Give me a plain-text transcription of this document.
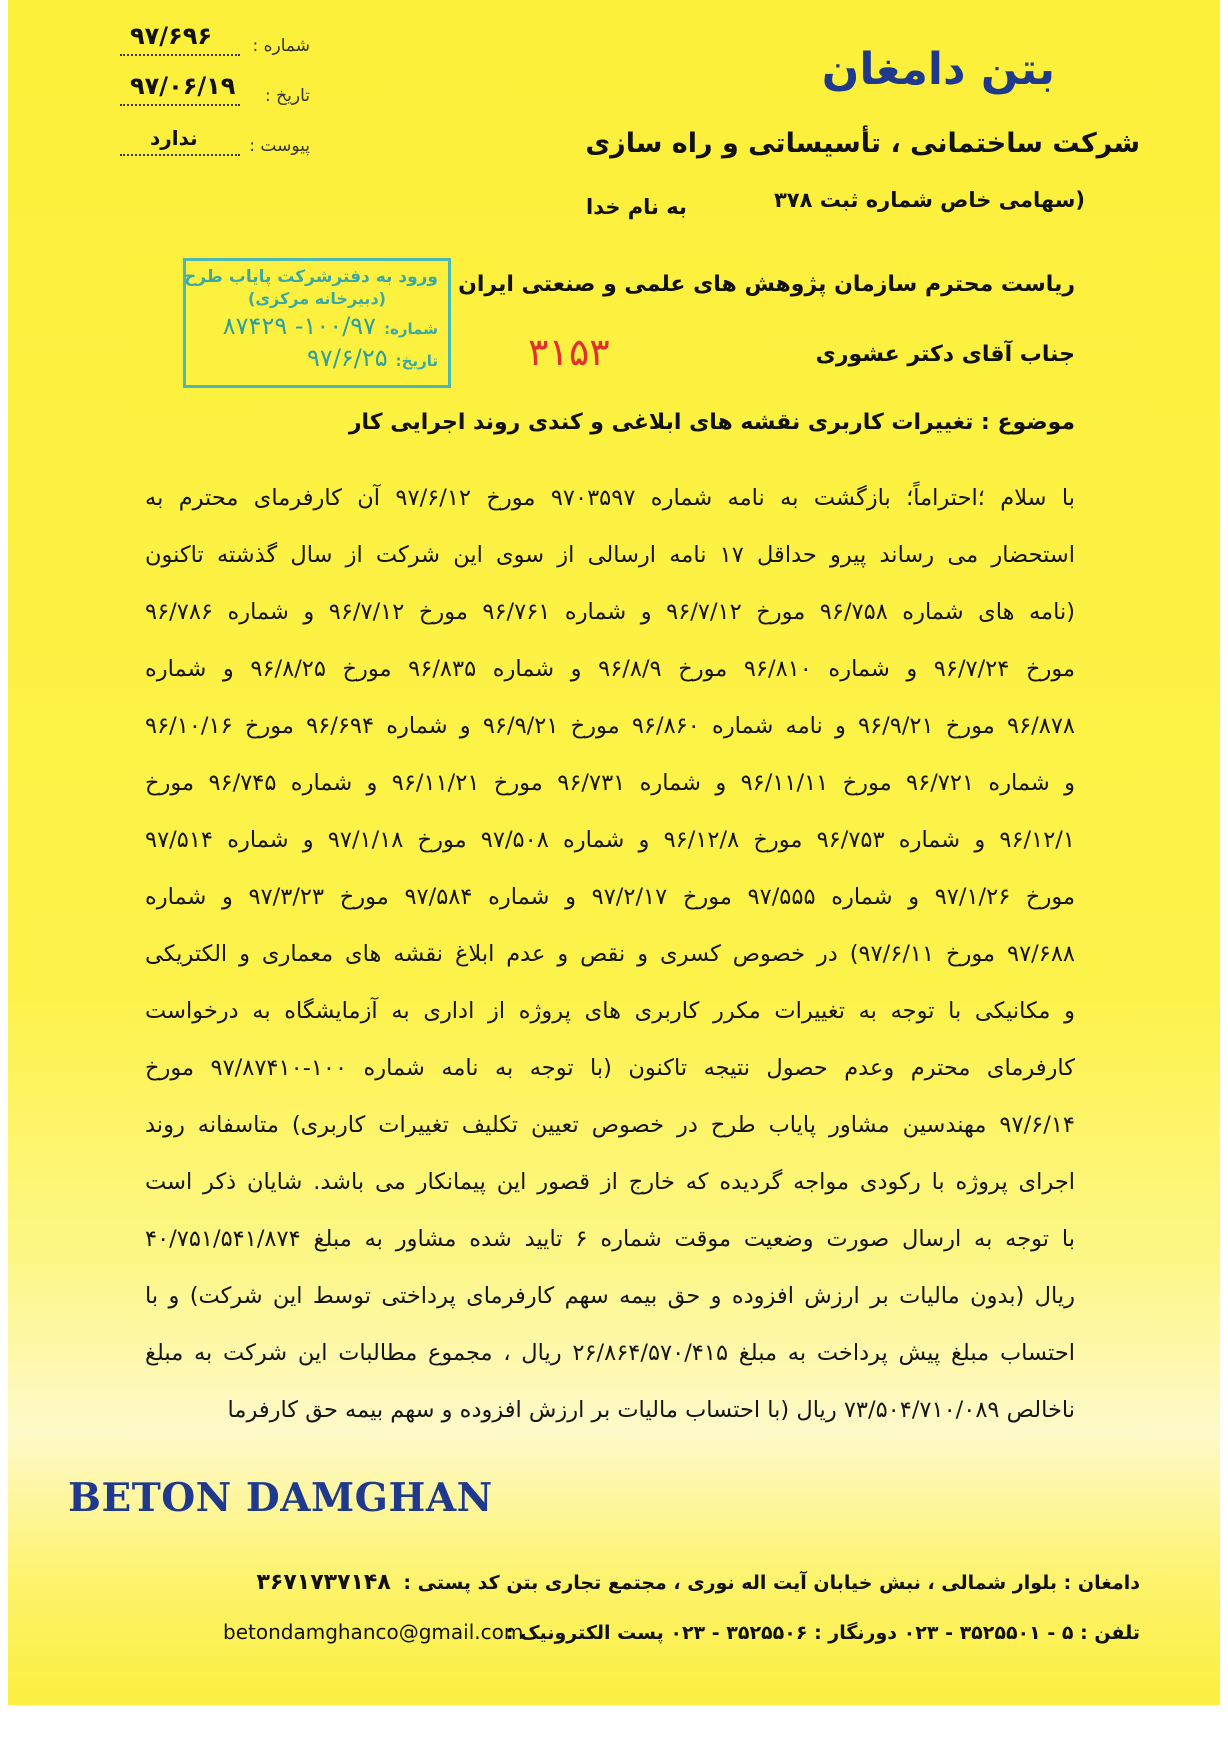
بتن دامغان
شرکت ساختمانی ، تأسیساتی و راه سازی
(سهامی خاص شماره ثبت ۳۷۸
به نام خدا
شماره :
۹۷/۶۹۶
تاریخ :
۹۷/۰۶/۱۹
پیوست :
ندارد
ورود به دفترشرکت پایاب طرح
(دبیرخانه مرکزی)
شماره:
۱۰۰/۹۷- ۸۷۴۲۹
تاریخ:
۹۷/۶/۲۵	۳۱۵۳
ریاست محترم سازمان پژوهش های علمی و صنعتی ایران
جناب آقای دکتر عشوری
موضوع : تغییرات کاربری نقشه های ابلاغی و کندی روند اجرایی کار
با سلام ؛احتراماً؛ بازگشت به نامه شماره ۹۷۰۳۵۹۷ مورخ ۹۷/۶/۱۲ آن کارفرمای محترم به
استحضار می رساند پیرو حداقل ۱۷ نامه ارسالی از سوی این شرکت از سال گذشته تاکنون
(نامه های شماره ۹۶/۷۵۸ مورخ ۹۶/۷/۱۲ و شماره ۹۶/۷۶۱ مورخ ۹۶/۷/۱۲ و شماره ۹۶/۷۸۶
مورخ ۹۶/۷/۲۴ و شماره ۹۶/۸۱۰ مورخ ۹۶/۸/۹ و شماره ۹۶/۸۳۵ مورخ ۹۶/۸/۲۵ و شماره
۹۶/۸۷۸ مورخ ۹۶/۹/۲۱ و نامه شماره ۹۶/۸۶۰ مورخ ۹۶/۹/۲۱ و شماره ۹۶/۶۹۴ مورخ ۹۶/۱۰/۱۶
و شماره ۹۶/۷۲۱ مورخ ۹۶/۱۱/۱۱ و شماره ۹۶/۷۳۱ مورخ ۹۶/۱۱/۲۱ و شماره ۹۶/۷۴۵ مورخ
۹۶/۱۲/۱ و شماره ۹۶/۷۵۳ مورخ ۹۶/۱۲/۸ و شماره ۹۷/۵۰۸ مورخ ۹۷/۱/۱۸ و شماره ۹۷/۵۱۴
مورخ ۹۷/۱/۲۶ و شماره ۹۷/۵۵۵ مورخ ۹۷/۲/۱۷ و شماره ۹۷/۵۸۴ مورخ ۹۷/۳/۲۳ و شماره
۹۷/۶۸۸ مورخ ۹۷/۶/۱۱) در خصوص کسری و نقص و عدم ابلاغ نقشه های معماری و الکتریکی
و مکانیکی با توجه به تغییرات مکرر کاربری های پروژه از اداری به آزمایشگاه به درخواست
کارفرمای محترم وعدم حصول نتیجه تاکنون (با توجه به نامه شماره ۱۰۰-۹۷/۸۷۴۱۰ مورخ
۹۷/۶/۱۴ مهندسین مشاور پایاب طرح در خصوص تعیین تکلیف تغییرات کاربری) متاسفانه روند
اجرای پروژه با رکودی مواجه گردیده که خارج از قصور این پیمانکار می باشد. شایان ذکر است
با توجه به ارسال صورت وضعیت موقت شماره ۶ تایید شده مشاور به مبلغ ۴۰/۷۵۱/۵۴۱/۸۷۴
ریال (بدون مالیات بر ارزش افزوده و حق بیمه سهم کارفرمای پرداختی توسط این شرکت) و با
احتساب مبلغ پیش پرداخت به مبلغ ۲۶/۸۶۴/۵۷۰/۴۱۵ ریال ، مجموع مطالبات این شرکت به مبلغ
ناخالص ۷۳/۵۰۴/۷۱۰/۰۸۹ ریال (با احتساب مالیات بر ارزش افزوده و سهم بیمه حق کارفرما
BETON DAMGHAN
دامغان : بلوار شمالی ، نبش خیابان آیت اله نوری ، مجتمع تجاری بتن کد پستی : ۳۶۷۱۷۳۷۱۴۸
تلفن : ۵ - ۳۵۲۵۵۰۱ - ۰۲۳ دورنگار : ۳۵۲۵۵۰۶ - ۰۲۳ پست الکترونیک :
betondamghanco@gmail.com
